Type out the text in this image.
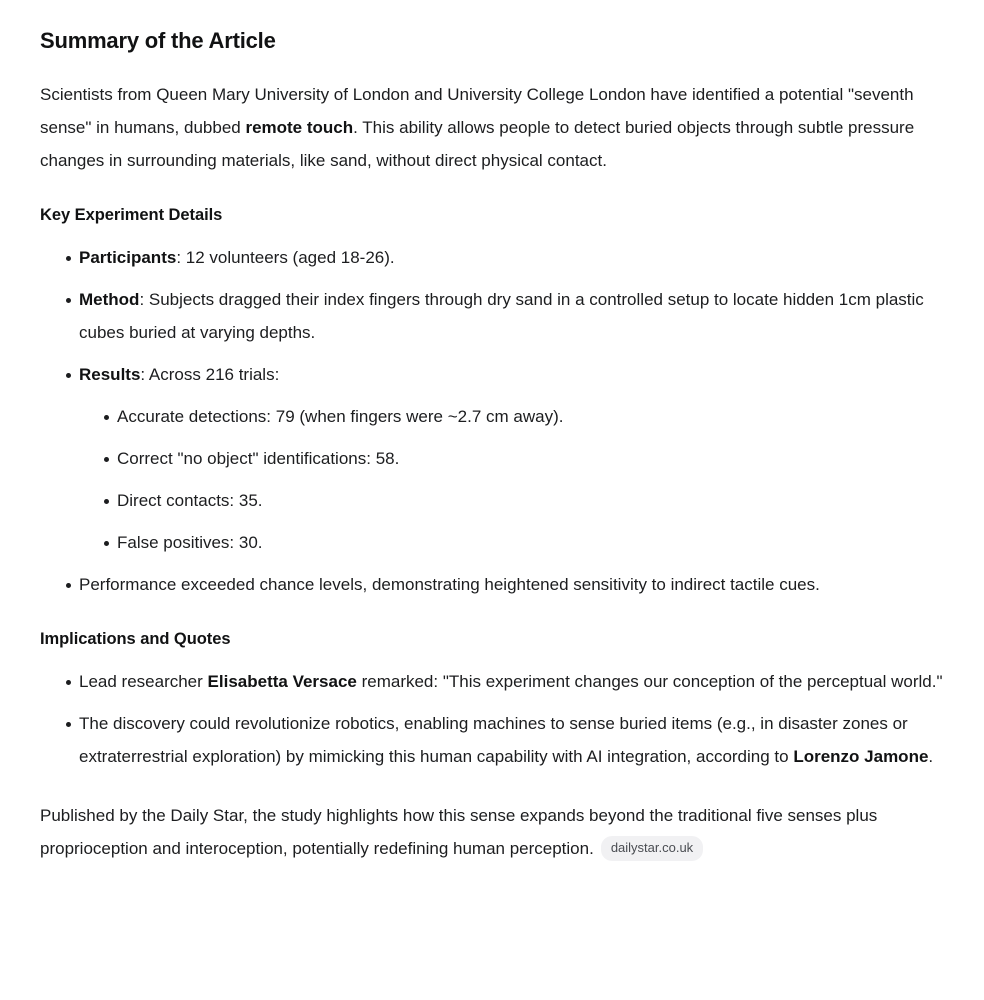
Summary of the Article

Scientists from Queen Mary University of London and University College London have identified a potential "seventh sense" in humans, dubbed remote touch. This ability allows people to detect buried objects through subtle pressure changes in surrounding materials, like sand, without direct physical contact.

Key Experiment Details
Participants: 12 volunteers (aged 18-26).
Method: Subjects dragged their index fingers through dry sand in a controlled setup to locate hidden 1cm plastic cubes buried at varying depths.
Results: Across 216 trials:
Accurate detections: 79 (when fingers were ~2.7 cm away).
Correct "no object" identifications: 58.
Direct contacts: 35.
False positives: 30.
Performance exceeded chance levels, demonstrating heightened sensitivity to indirect tactile cues.
Implications and Quotes
Lead researcher Elisabetta Versace remarked: "This experiment changes our conception of the perceptual world."
The discovery could revolutionize robotics, enabling machines to sense buried items (e.g., in disaster zones or extraterrestrial exploration) by mimicking this human capability with AI integration, according to Lorenzo Jamone.

Published by the Daily Star, the study highlights how this sense expands beyond the traditional five senses plus proprioception and interoception, potentially redefining human perception. dailystar.co.uk
